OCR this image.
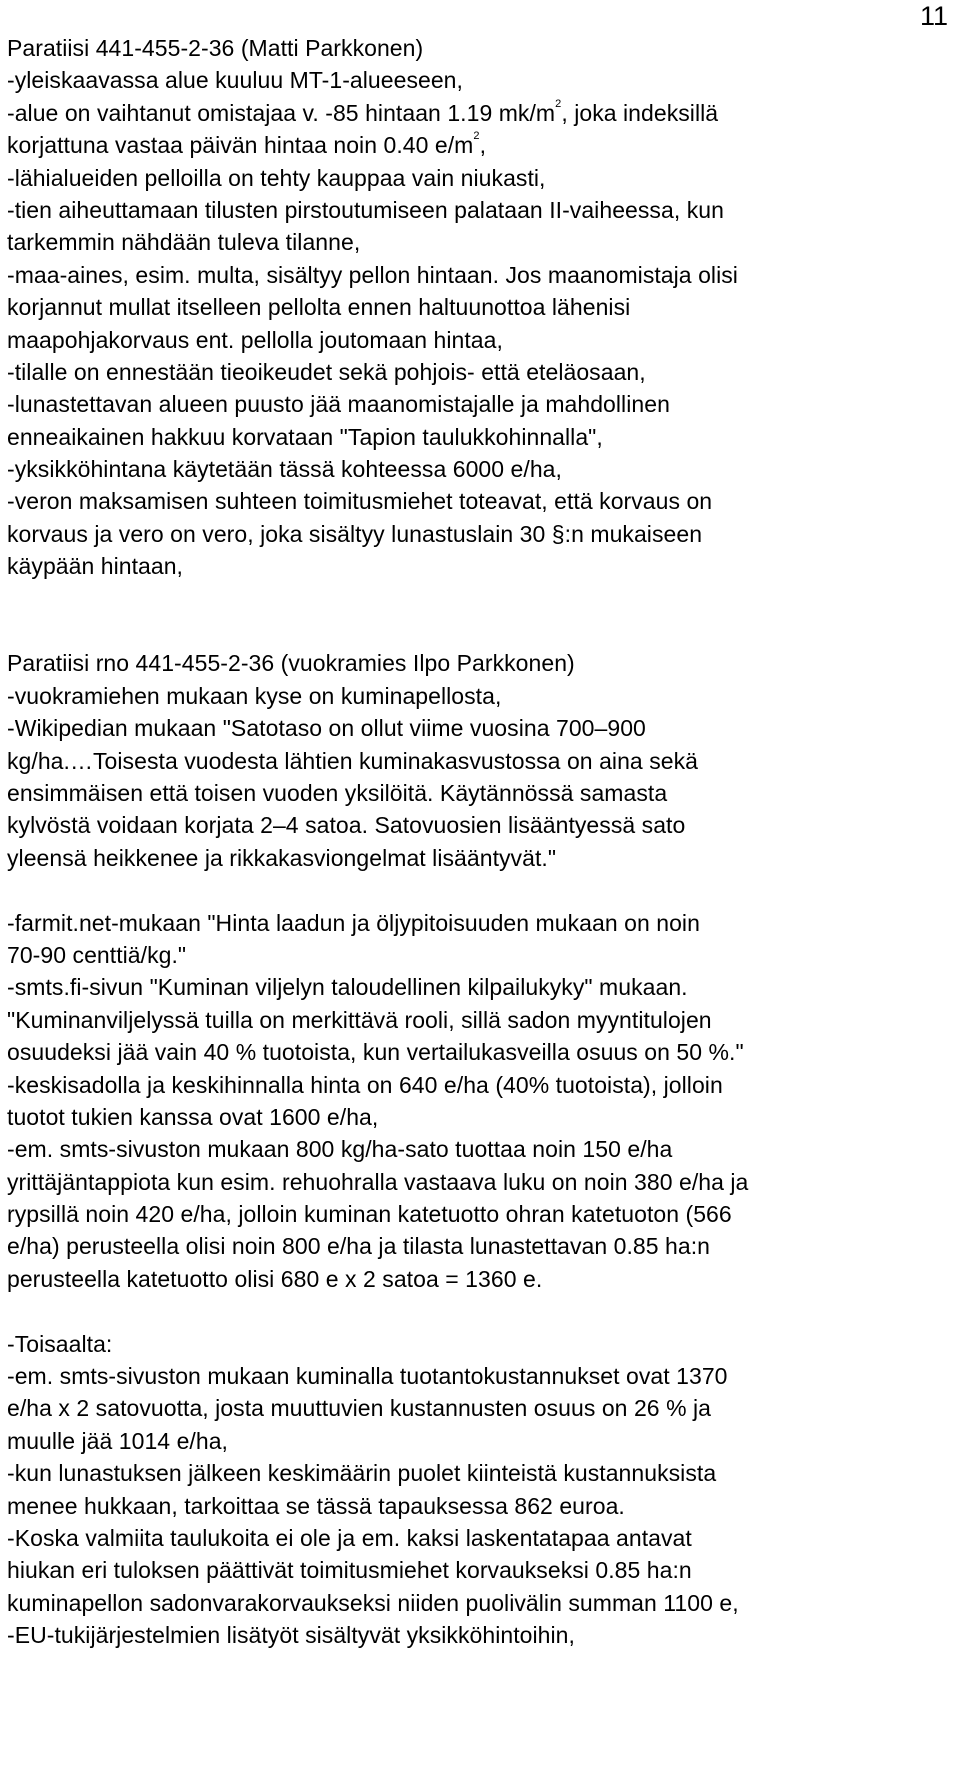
11
Paratiisi 441-455-2-36 (Matti Parkkonen)
-yleiskaavassa alue kuuluu MT-1-alueeseen,
-alue on vaihtanut omistajaa v. -85 hintaan 1.19 $mk/m^2$, joka indeksillä
korjattuna vastaa päivän hintaa noin 0.40 $e/m^2$,
-lähialueiden pelloilla on tehty kauppaa vain niukasti,
-tien aiheuttamaan tilusten pirstoutumiseen palataan II-vaiheessa, kun
tarkemmin nähdään tuleva tilanne,
-maa-aines, esim. multa, sisältyy pellon hintaan. Jos maanomistaja olisi
korjannut mullat itselleen pellolta ennen haltuunottoa lähenisi
maapohjakorvaus ent. pellolla joutomaan hintaa,
-tilalle on ennestään tieoikeudet sekä pohjois- että eteläosaan,
-lunastettavan alueen puusto jää maanomistajalle ja mahdollinen
enneaikainen hakkuu korvataan "Tapion taulukkohinnalla",
-yksikköhintana käytetään tässä kohteessa 6000 e/ha,
-veron maksamisen suhteen toimitusmiehet toteavat, että korvaus on
korvaus ja vero on vero, joka sisältyy lunastuslain 30 §:n mukaiseen
käypään hintaan,
Paratiisi rno 441-455-2-36 (vuokramies Ilpo Parkkonen)
-vuokramiehen mukaan kyse on kuminapellosta,
-Wikipedian mukaan "Satotaso on ollut viime vuosina 700–900
kg/ha.…Toisesta vuodesta lähtien kuminakasvustossa on aina sekä
ensimmäisen että toisen vuoden yksilöitä. Käytännössä samasta
kylvöstä voidaan korjata 2–4 satoa. Satovuosien lisääntyessä sato
yleensä heikkenee ja rikkakasviongelmat lisääntyvät."
-farmit.net-mukaan "Hinta laadun ja öljypitoisuuden mukaan on noin
70-90 centtiä/kg."
-smts.fi-sivun "Kuminan viljelyn taloudellinen kilpailukyky" mukaan.
"Kuminanviljelyssä tuilla on merkittävä rooli, sillä sadon myyntitulojen
osuudeksi jää vain 40 % tuotoista, kun vertailukasveilla osuus on 50 %."
-keskisadolla ja keskihinnalla hinta on 640 e/ha (40% tuotoista), jolloin
tuotot tukien kanssa ovat 1600 e/ha,
-em. smts-sivuston mukaan 800 kg/ha-sato tuottaa noin 150 e/ha
yrittäjäntappiota kun esim. rehuohralla vastaava luku on noin 380 e/ha ja
rypsillä noin 420 e/ha, jolloin kuminan katetuotto ohran katetuoton (566
e/ha) perusteella olisi noin 800 e/ha ja tilasta lunastettavan 0.85 ha:n
perusteella katetuotto olisi 680 e x 2 satoa = 1360 e.
-Toisaalta:
-em. smts-sivuston mukaan kuminalla tuotantokustannukset ovat 1370
e/ha x 2 satovuotta, josta muuttuvien kustannusten osuus on 26 % ja
muulle jää 1014 e/ha,
-kun lunastuksen jälkeen keskimäärin puolet kiinteistä kustannuksista
menee hukkaan, tarkoittaa se tässä tapauksessa 862 euroa.
-Koska valmiita taulukoita ei ole ja em. kaksi laskentatapaa antavat
hiukan eri tuloksen päättivät toimitusmiehet korvaukseksi 0.85 ha:n
kuminapellon sadonvarakorvaukseksi niiden puolivälin summan 1100 e,
-EU-tukijärjestelmien lisätyöt sisältyvät yksikköhintoihin,
